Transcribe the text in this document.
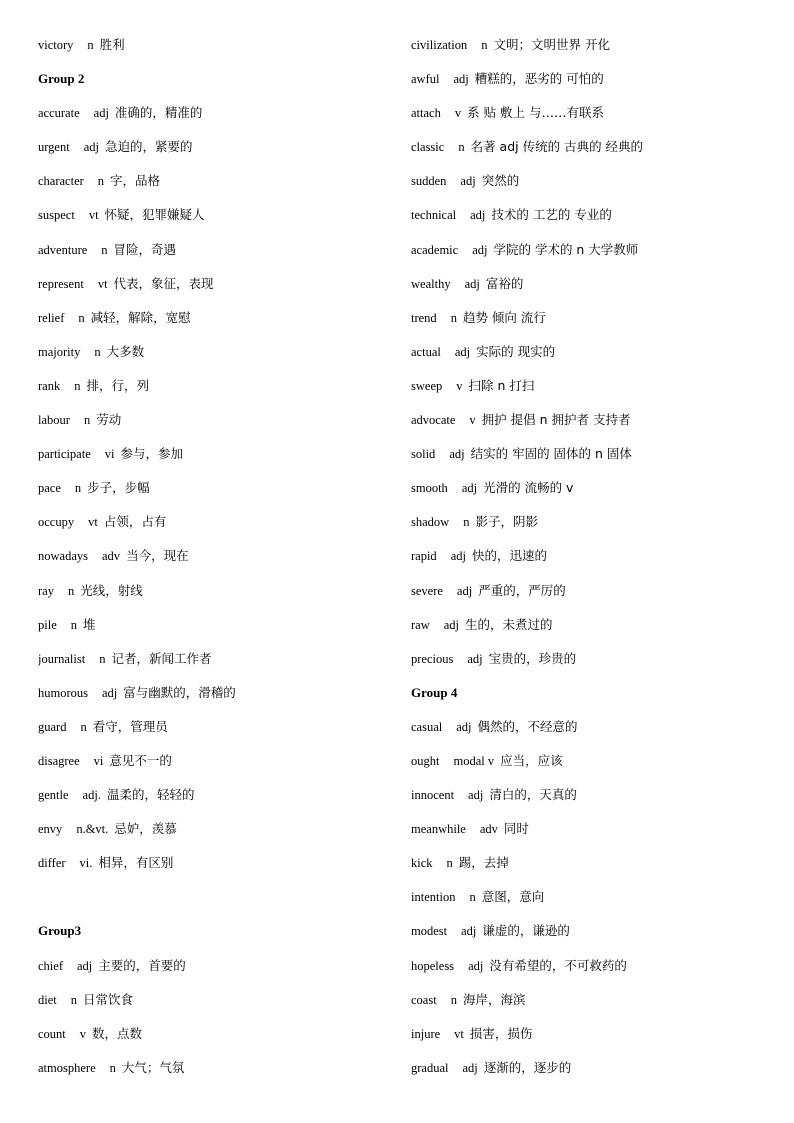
victory n 胜利
Group 2
accurate adj 准确的，精准的
urgent adj 急迫的，紧要的
character n 字，品格
suspect vt 怀疑，犯罪嫌疑人
adventure n 冒险，奇遇
represent vt 代表，象征，表现
relief n 减轻，解除，宽慰
majority n 大多数
rank n 排，行，列
labour n 劳动
participate vi 参与，参加
pace n 步子，步幅
occupy vt 占领，占有
nowadays adv 当今，现在
ray n 光线，射线
pile n 堆
journalist n 记者，新闻工作者
humorous adj 富与幽默的，滑稽的
guard n 看守，管理员
disagree vi 意见不一的
gentle adj. 温柔的，轻轻的
envy n.&vt. 忌妒，羡慕
differ vi. 相异，有区别
Group3
chief adj 主要的，首要的
diet n 日常饮食
count v 数，点数
atmosphere n 大气；气氛
civilization n 文明；文明世界 开化
awful adj 糟糕的，恶劣的 可怕的
attach v 系 贴 敷上 与……有联系
classic n 名著 adj 传统的 古典的 经典的
sudden adj 突然的
technical adj 技术的 工艺的 专业的
academic adj 学院的 学术的 n 大学教师
wealthy adj 富裕的
trend n 趋势 倾向 流行
actual adj 实际的 现实的
sweep v 扫除 n 打扫
advocate v 拥护 提倡 n 拥护者 支持者
solid adj 结实的 牢固的 固体的 n 固体
smooth adj 光滑的 流畅的 v
shadow n 影子，阴影
rapid adj 快的，迅速的
severe adj 严重的，严厉的
raw adj 生的，未煮过的
precious adj 宝贵的，珍贵的
Group 4
casual adj 偶然的，不经意的
ought modal v 应当，应该
innocent adj 清白的，天真的
meanwhile adv 同时
kick n 踢，去掉
intention n 意图，意向
modest adj 谦虚的，谦逊的
hopeless adj 没有希望的，不可救药的
coast n 海岸，海滨
injure vt 损害，损伤
gradual adj 逐渐的，逐步的
